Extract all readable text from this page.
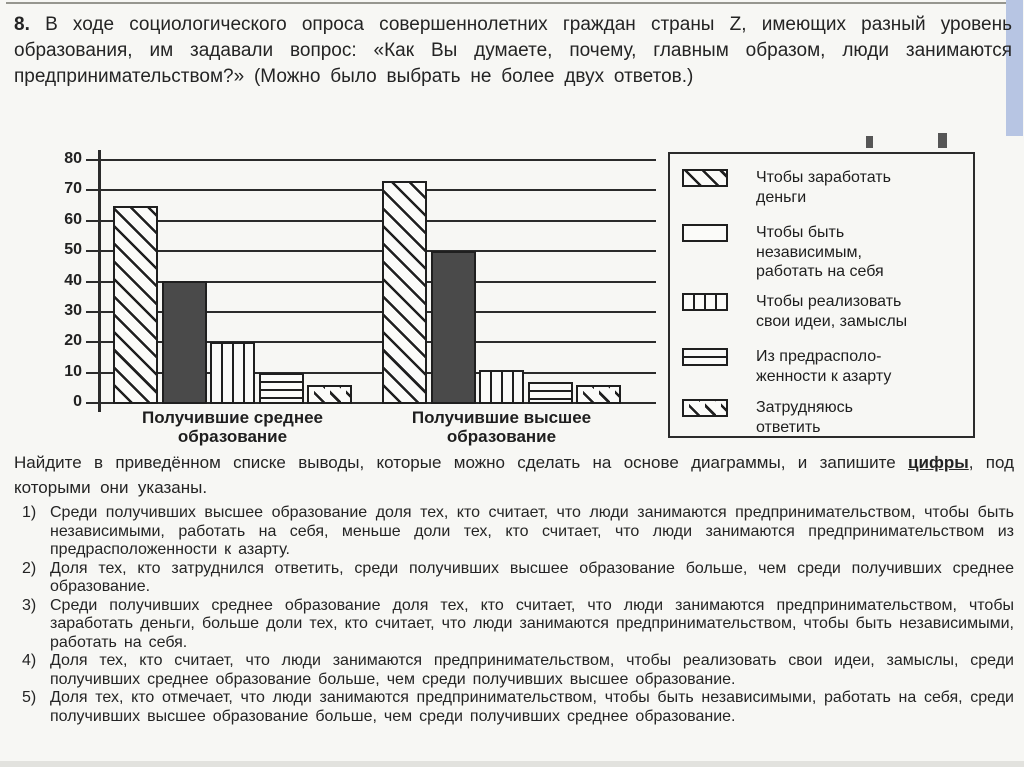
8. В ходе социологического опроса совершеннолетних граждан страны Z, имеющих разный уровень образования, им задавали вопрос: «Как Вы думаете, почему, главным образом, люди занимаются предпринимательством?» (Можно было выбрать не более двух ответов.)
0
10
20
30
40
50
60
70
80
Получившие среднее
образование
Получившие высшее
образование
Чтобы заработать
деньги
Чтобы быть
независимым,
работать на себя
Чтобы реализовать
свои идеи, замыслы
Из предрасполо-
женности к азарту
Затрудняюсь
ответить
Найдите в приведённом списке выводы, которые можно сделать на основе диаграммы, и запишите цифры, под которыми они указаны.
1) Среди получивших высшее образование доля тех, кто считает, что люди занимаются предпринимательством, чтобы быть независимыми, работать на себя, меньше доли тех, кто считает, что люди занимаются предпринимательством из предрасположенности к азарту.
2) Доля тех, кто затруднился ответить, среди получивших высшее образование больше, чем среди получивших среднее образование.
3) Среди получивших среднее образование доля тех, кто считает, что люди занимаются предпринимательством, чтобы заработать деньги, больше доли тех, кто считает, что люди занимаются предпринимательством, чтобы быть независимыми, работать на себя.
4) Доля тех, кто считает, что люди занимаются предпринимательством, чтобы реализовать свои идеи, замыслы, среди получивших среднее образование больше, чем среди получивших высшее образование.
5) Доля тех, кто отмечает, что люди занимаются предпринимательством, чтобы быть независимыми, работать на себя, среди получивших высшее образование больше, чем среди получивших среднее образование.
